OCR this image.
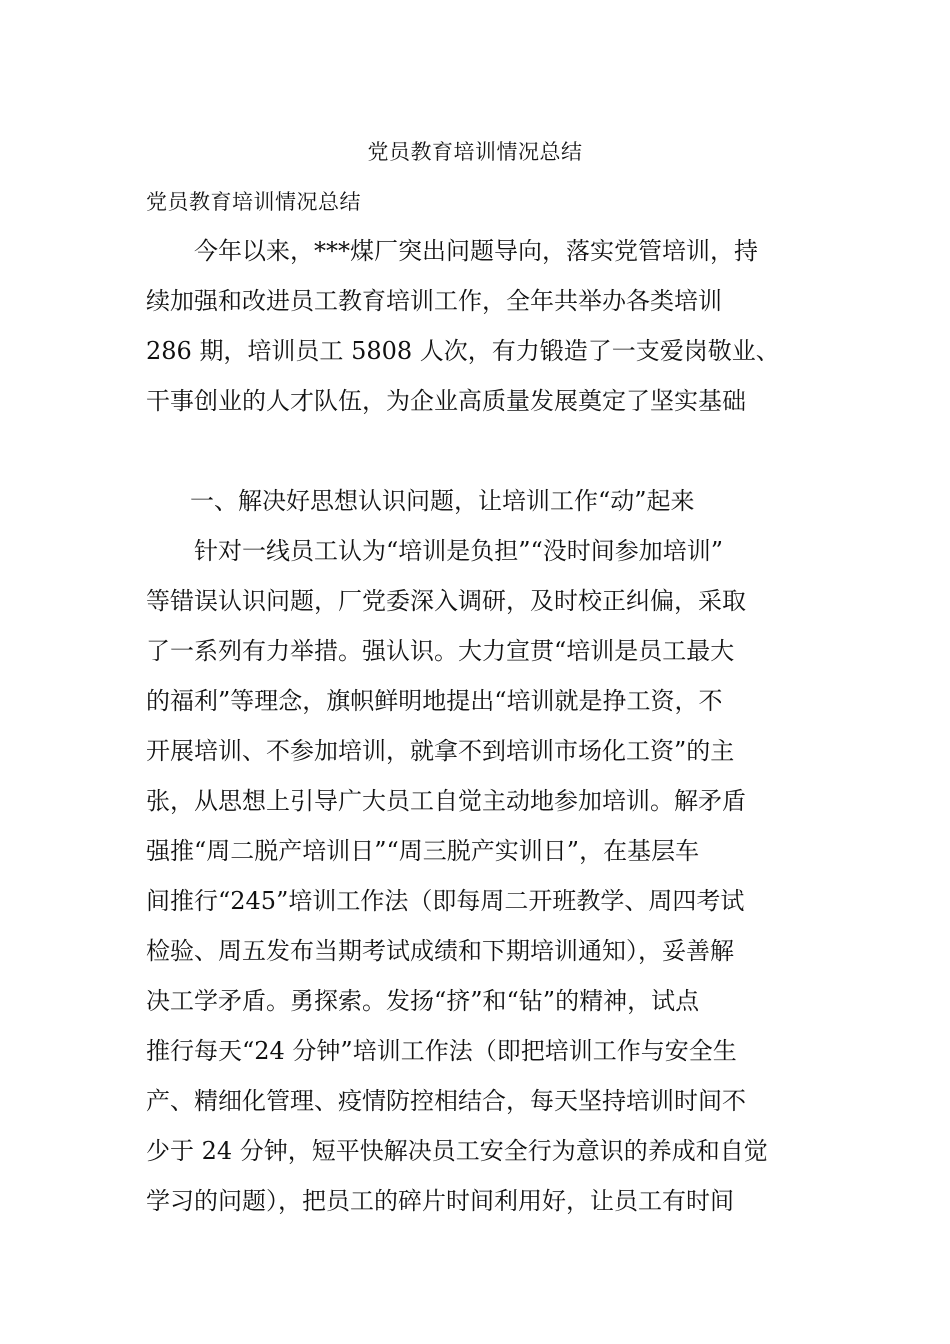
党员教育培训情况总结
党员教育培训情况总结
今年以来，***煤厂突出问题导向，落实党管培训，持
续加强和改进员工教育培训工作，全年共举办各类培训
286 期，培训员工 5808 人次，有力锻造了一支爱岗敬业、
干事创业的人才队伍，为企业高质量发展奠定了坚实基础
一、解决好思想认识问题，让培训工作“动”起来
针对一线员工认为“培训是负担”“没时间参加培训”
等错误认识问题，厂党委深入调研，及时校正纠偏，采取
了一系列有力举措。强认识。大力宣贯“培训是员工最大
的福利”等理念，旗帜鲜明地提出“培训就是挣工资，不
开展培训、不参加培训，就拿不到培训市场化工资”的主
张，从思想上引导广大员工自觉主动地参加培训。解矛盾
强推“周二脱产培训日”“周三脱产实训日”，在基层车
间推行“245”培训工作法（即每周二开班教学、周四考试
检验、周五发布当期考试成绩和下期培训通知），妥善解
决工学矛盾。勇探索。发扬“挤”和“钻”的精神，试点
推行每天“24 分钟”培训工作法（即把培训工作与安全生
产、精细化管理、疫情防控相结合，每天坚持培训时间不
少于 24 分钟，短平快解决员工安全行为意识的养成和自觉
学习的问题），把员工的碎片时间利用好，让员工有时间
